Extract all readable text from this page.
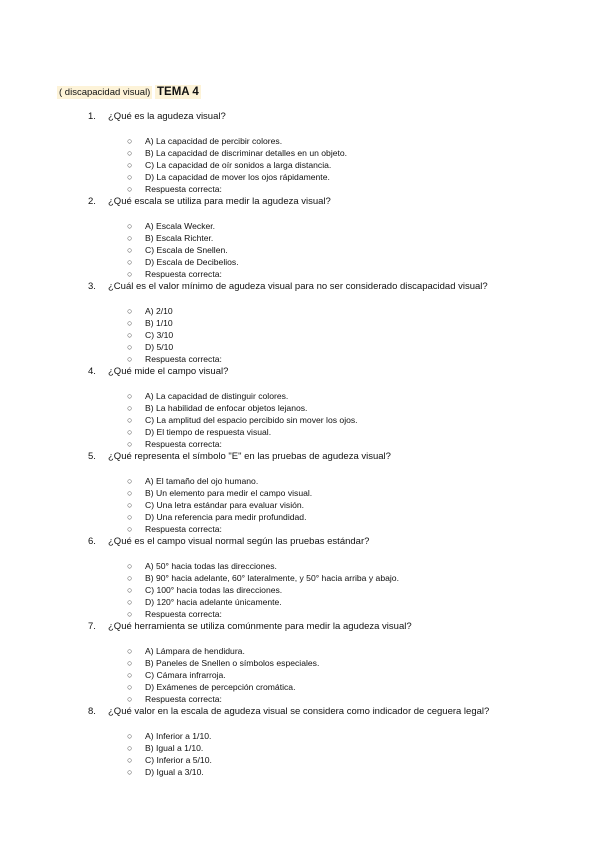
( discapacidad visual) TEMA 4
1. ¿Qué es la agudeza visual?
○ A) La capacidad de percibir colores.
○ B) La capacidad de discriminar detalles en un objeto.
○ C) La capacidad de oír sonidos a larga distancia.
○ D) La capacidad de mover los ojos rápidamente.
○ Respuesta correcta:
2. ¿Qué escala se utiliza para medir la agudeza visual?
○ A) Escala Wecker.
○ B) Escala Richter.
○ C) Escala de Snellen.
○ D) Escala de Decibelios.
○ Respuesta correcta:
3. ¿Cuál es el valor mínimo de agudeza visual para no ser considerado discapacidad visual?
○ A) 2/10
○ B) 1/10
○ C) 3/10
○ D) 5/10
○ Respuesta correcta:
4. ¿Qué mide el campo visual?
○ A) La capacidad de distinguir colores.
○ B) La habilidad de enfocar objetos lejanos.
○ C) La amplitud del espacio percibido sin mover los ojos.
○ D) El tiempo de respuesta visual.
○ Respuesta correcta:
5. ¿Qué representa el símbolo "E" en las pruebas de agudeza visual?
○ A) El tamaño del ojo humano.
○ B) Un elemento para medir el campo visual.
○ C) Una letra estándar para evaluar visión.
○ D) Una referencia para medir profundidad.
○ Respuesta correcta:
6. ¿Qué es el campo visual normal según las pruebas estándar?
○ A) 50° hacia todas las direcciones.
○ B) 90° hacia adelante, 60° lateralmente, y 50° hacia arriba y abajo.
○ C) 100° hacia todas las direcciones.
○ D) 120° hacia adelante únicamente.
○ Respuesta correcta:
7. ¿Qué herramienta se utiliza comúnmente para medir la agudeza visual?
○ A) Lámpara de hendidura.
○ B) Paneles de Snellen o símbolos especiales.
○ C) Cámara infrarroja.
○ D) Exámenes de percepción cromática.
○ Respuesta correcta:
8. ¿Qué valor en la escala de agudeza visual se considera como indicador de ceguera legal?
○ A) Inferior a 1/10.
○ B) Igual a 1/10.
○ C) Inferior a 5/10.
○ D) Igual a 3/10.
